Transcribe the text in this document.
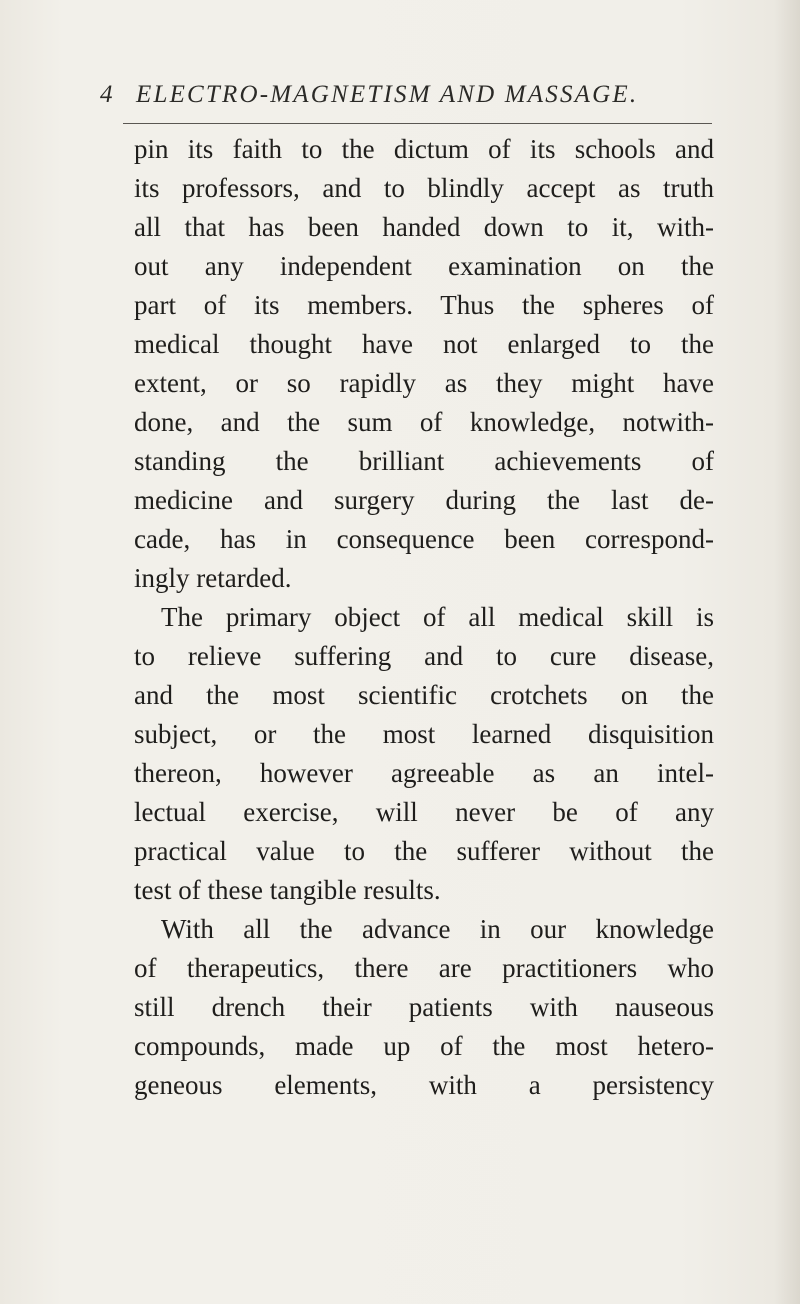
4 ELECTRO-MAGNETISM AND MASSAGE.
pin its faith to the dictum of its schools and
its professors, and to blindly accept as truth
all that has been handed down to it, with-
out any independent examination on the
part of its members. Thus the spheres of
medical thought have not enlarged to the
extent, or so rapidly as they might have
done, and the sum of knowledge, notwith-
standing the brilliant achievements of
medicine and surgery during the last de-
cade, has in consequence been correspond-
ingly retarded.
The primary object of all medical skill is
to relieve suffering and to cure disease,
and the most scientific crotchets on the
subject, or the most learned disquisition
thereon, however agreeable as an intel-
lectual exercise, will never be of any
practical value to the sufferer without the
test of these tangible results.
With all the advance in our knowledge
of therapeutics, there are practitioners who
still drench their patients with nauseous
compounds, made up of the most hetero-
geneous elements, with a persistency
